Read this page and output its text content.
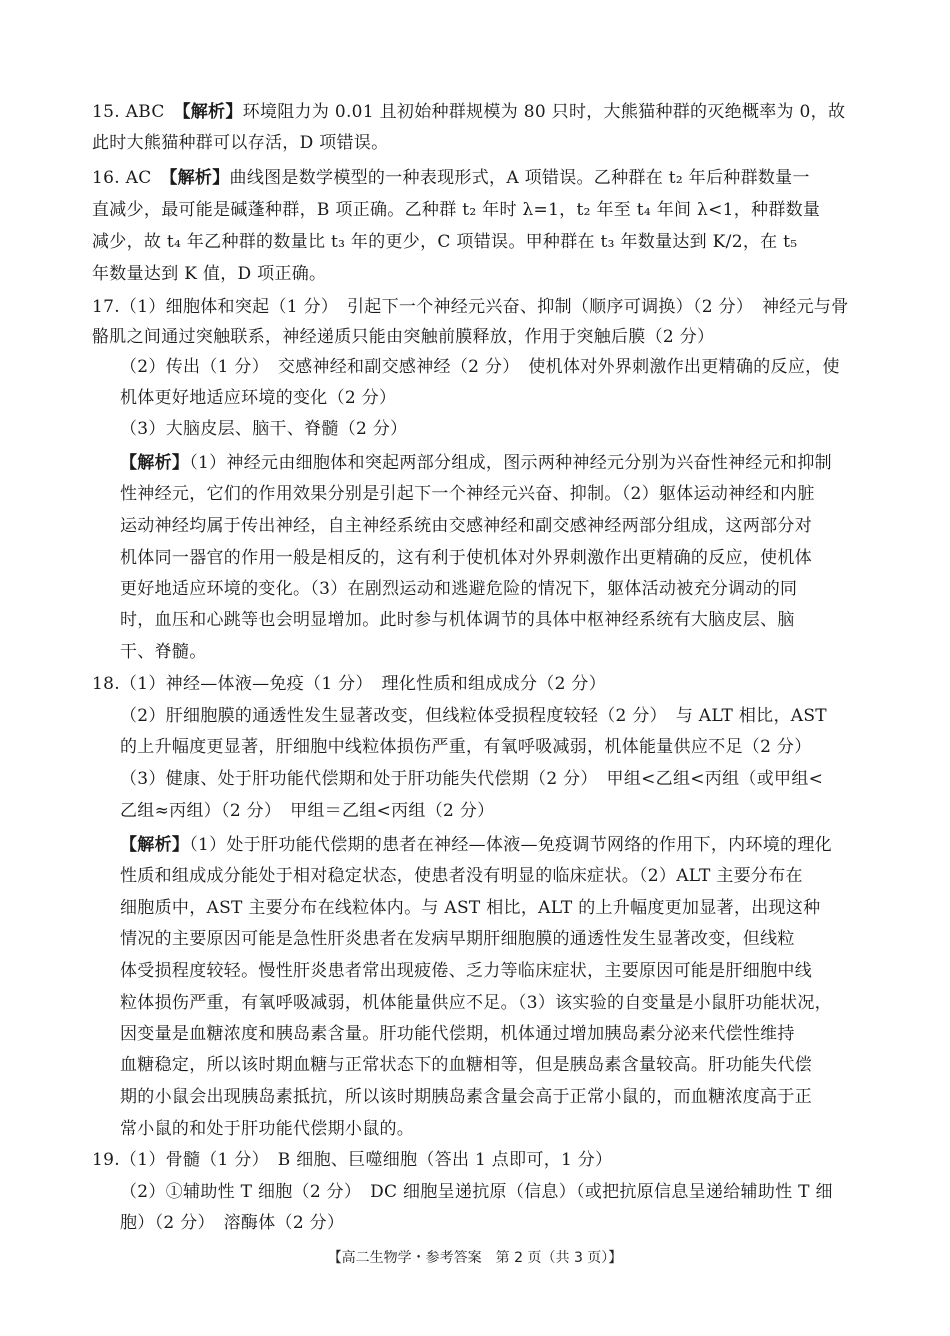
15. ABC　【解析】环境阻力为 0.01 且初始种群规模为 80 只时，大熊猫种群的灭绝概率为 0，故
此时大熊猫种群可以存活，D 项错误。
16. AC　【解析】曲线图是数学模型的一种表现形式，A 项错误。乙种群在 t₂ 年后种群数量一
直减少，最可能是碱蓬种群，B 项正确。乙种群 t₂ 年时 λ=1，t₂ 年至 t₄ 年间 λ<1，种群数量
减少，故 t₄ 年乙种群的数量比 t₃ 年的更少，C 项错误。甲种群在 t₃ 年数量达到 K/2，在 t₅
年数量达到 K 值，D 项正确。
17.（1）细胞体和突起（1 分）　引起下一个神经元兴奋、抑制（顺序可调换）（2 分）　神经元与骨
骼肌之间通过突触联系，神经递质只能由突触前膜释放，作用于突触后膜（2 分）
（2）传出（1 分）　交感神经和副交感神经（2 分）　使机体对外界刺激作出更精确的反应，使
机体更好地适应环境的变化（2 分）
（3）大脑皮层、脑干、脊髓（2 分）
【解析】（1）神经元由细胞体和突起两部分组成，图示两种神经元分别为兴奋性神经元和抑制
性神经元，它们的作用效果分别是引起下一个神经元兴奋、抑制。（2）躯体运动神经和内脏
运动神经均属于传出神经，自主神经系统由交感神经和副交感神经两部分组成，这两部分对
机体同一器官的作用一般是相反的，这有利于使机体对外界刺激作出更精确的反应，使机体
更好地适应环境的变化。（3）在剧烈运动和逃避危险的情况下，躯体活动被充分调动的同
时，血压和心跳等也会明显增加。此时参与机体调节的具体中枢神经系统有大脑皮层、脑
干、脊髓。
18.（1）神经—体液—免疫（1 分）　理化性质和组成成分（2 分）
（2）肝细胞膜的通透性发生显著改变，但线粒体受损程度较轻（2 分）　与 ALT 相比，AST
的上升幅度更显著，肝细胞中线粒体损伤严重，有氧呼吸减弱，机体能量供应不足（2 分）
（3）健康、处于肝功能代偿期和处于肝功能失代偿期（2 分）　甲组<乙组<丙组（或甲组<
乙组≈丙组）（2 分）　甲组＝乙组<丙组（2 分）
【解析】（1）处于肝功能代偿期的患者在神经—体液—免疫调节网络的作用下，内环境的理化
性质和组成成分能处于相对稳定状态，使患者没有明显的临床症状。（2）ALT 主要分布在
细胞质中，AST 主要分布在线粒体内。与 AST 相比，ALT 的上升幅度更加显著，出现这种
情况的主要原因可能是急性肝炎患者在发病早期肝细胞膜的通透性发生显著改变，但线粒
体受损程度较轻。慢性肝炎患者常出现疲倦、乏力等临床症状，主要原因可能是肝细胞中线
粒体损伤严重，有氧呼吸减弱，机体能量供应不足。（3）该实验的自变量是小鼠肝功能状况，
因变量是血糖浓度和胰岛素含量。肝功能代偿期，机体通过增加胰岛素分泌来代偿性维持
血糖稳定，所以该时期血糖与正常状态下的血糖相等，但是胰岛素含量较高。肝功能失代偿
期的小鼠会出现胰岛素抵抗，所以该时期胰岛素含量会高于正常小鼠的，而血糖浓度高于正
常小鼠的和处于肝功能代偿期小鼠的。
19.（1）骨髓（1 分）　B 细胞、巨噬细胞（答出 1 点即可，1 分）
（2）①辅助性 T 细胞（2 分）　DC 细胞呈递抗原（信息）（或把抗原信息呈递给辅助性 T 细
胞）（2 分）　溶酶体（2 分）
【高二生物学・参考答案　第 2 页（共 3 页）】
